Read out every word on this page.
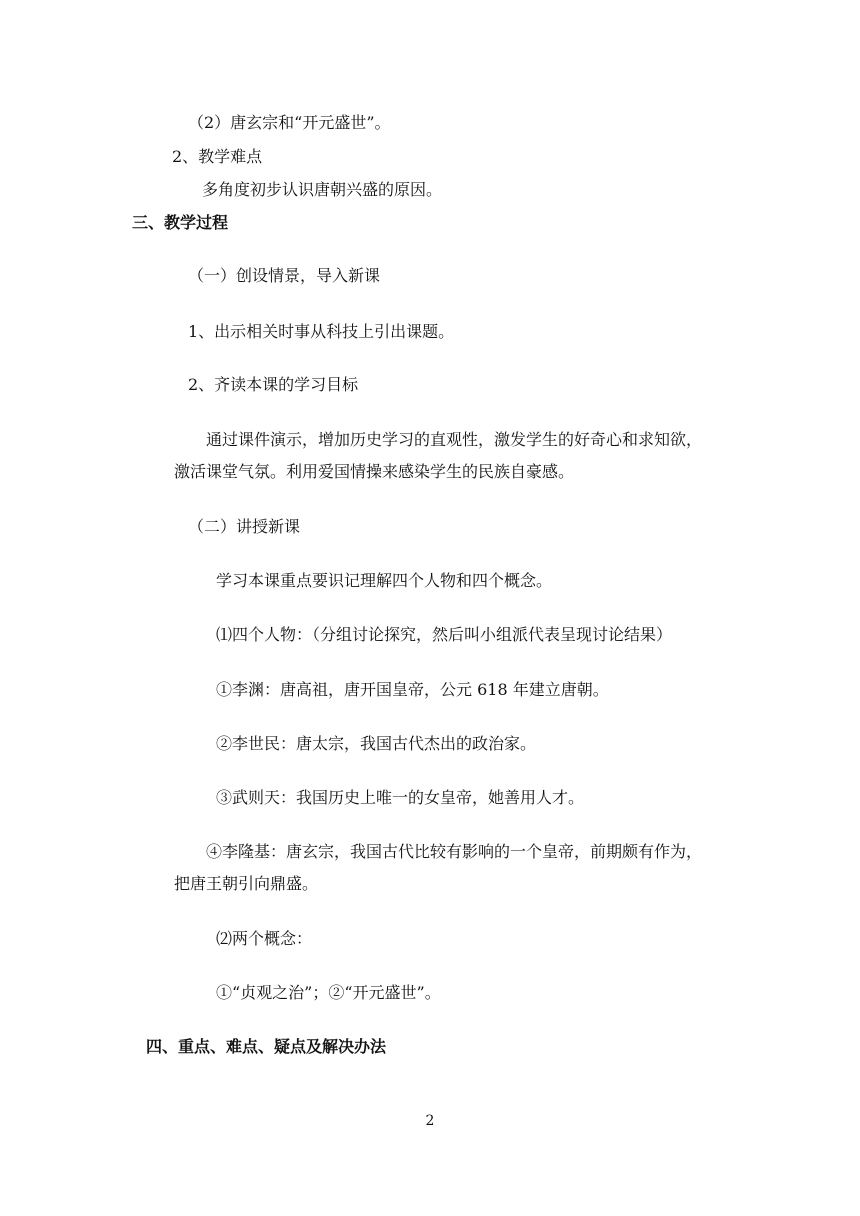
（2）唐玄宗和“开元盛世”。

2、教学难点

多角度初步认识唐朝兴盛的原因。

三、教学过程

（一）创设情景，导入新课

1、出示相关时事从科技上引出课题。

2、齐读本课的学习目标

通过课件演示，增加历史学习的直观性，激发学生的好奇心和求知欲，

激活课堂气氛。利用爱国情操来感染学生的民族自豪感。

（二）讲授新课

学习本课重点要识记理解四个人物和四个概念。

⑴四个人物：（分组讨论探究，然后叫小组派代表呈现讨论结果）

①李渊：唐高祖，唐开国皇帝，公元 618 年建立唐朝。

②李世民：唐太宗，我国古代杰出的政治家。

③武则天：我国历史上唯一的女皇帝，她善用人才。

④李隆基：唐玄宗，我国古代比较有影响的一个皇帝，前期颇有作为，

把唐王朝引向鼎盛。

⑵两个概念：

①“贞观之治”；②“开元盛世”。

四、重点、难点、疑点及解决办法

2
